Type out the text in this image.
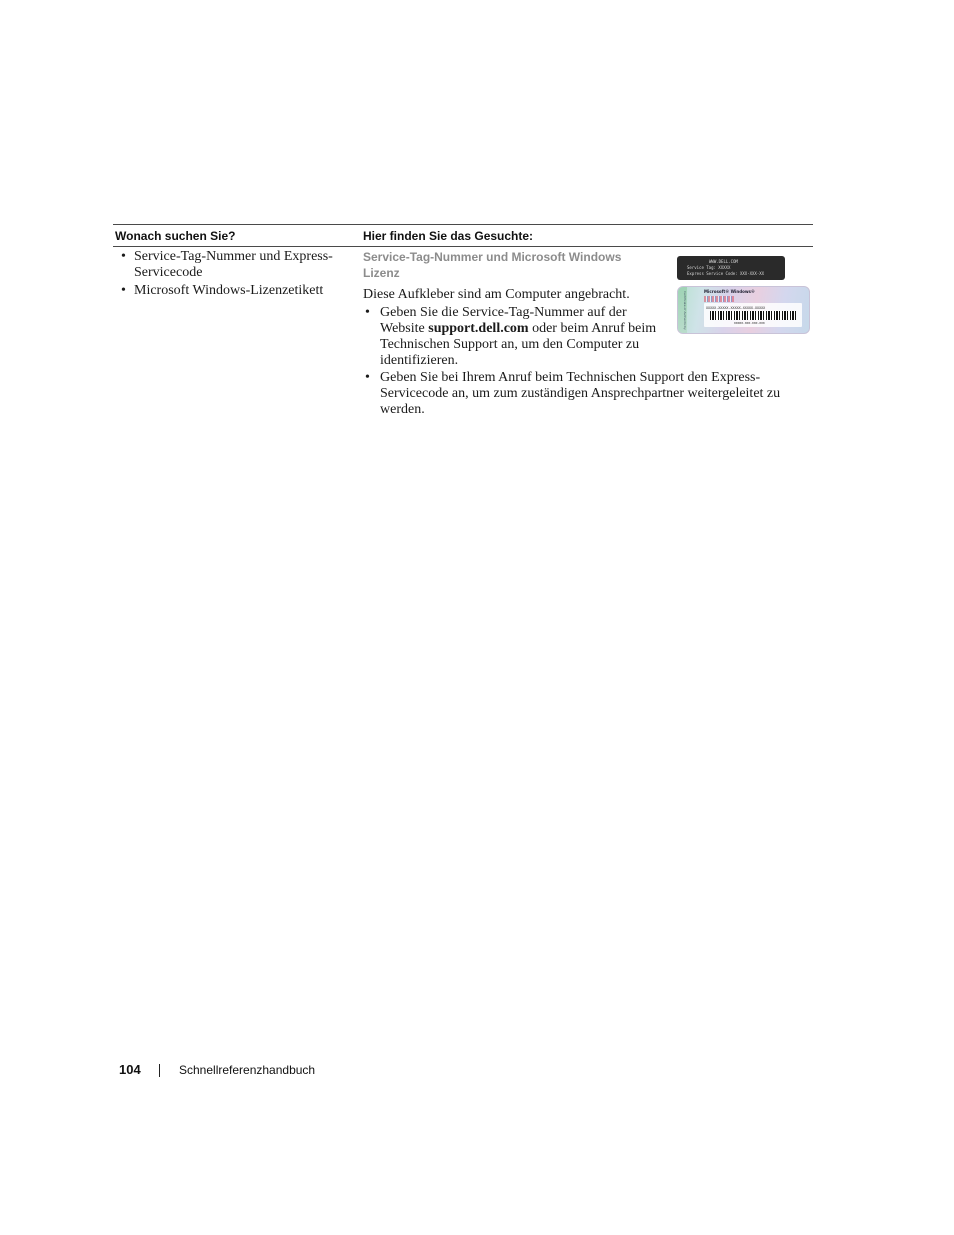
Wonach suchen Sie?	Hier finden Sie das Gesuchte:
• Service-Tag-Nummer und Express-Servicecode
• Microsoft Windows-Lizenzetikett
Service-Tag-Nummer und Microsoft Windows Lizenz
Diese Aufkleber sind am Computer angebracht.
• Geben Sie die Service-Tag-Nummer auf der Website support.dell.com oder beim Anruf beim Technischen Support an, um den Computer zu identifizieren.
• Geben Sie bei Ihrem Anruf beim Technischen Support den Express-Servicecode an, um zum zuständigen Ansprechpartner weitergeleitet zu werden.
WWW.DELL.COM
Service Tag: XXXXX
Express Service Code: XXX-XXX-XX
Certificate of Authenticity	Microsoft® Windows®
XXXXX-XXXXX-XXXXX-XXXXX-XXXXX
00000-000-000-000
104	Schnellreferenzhandbuch
